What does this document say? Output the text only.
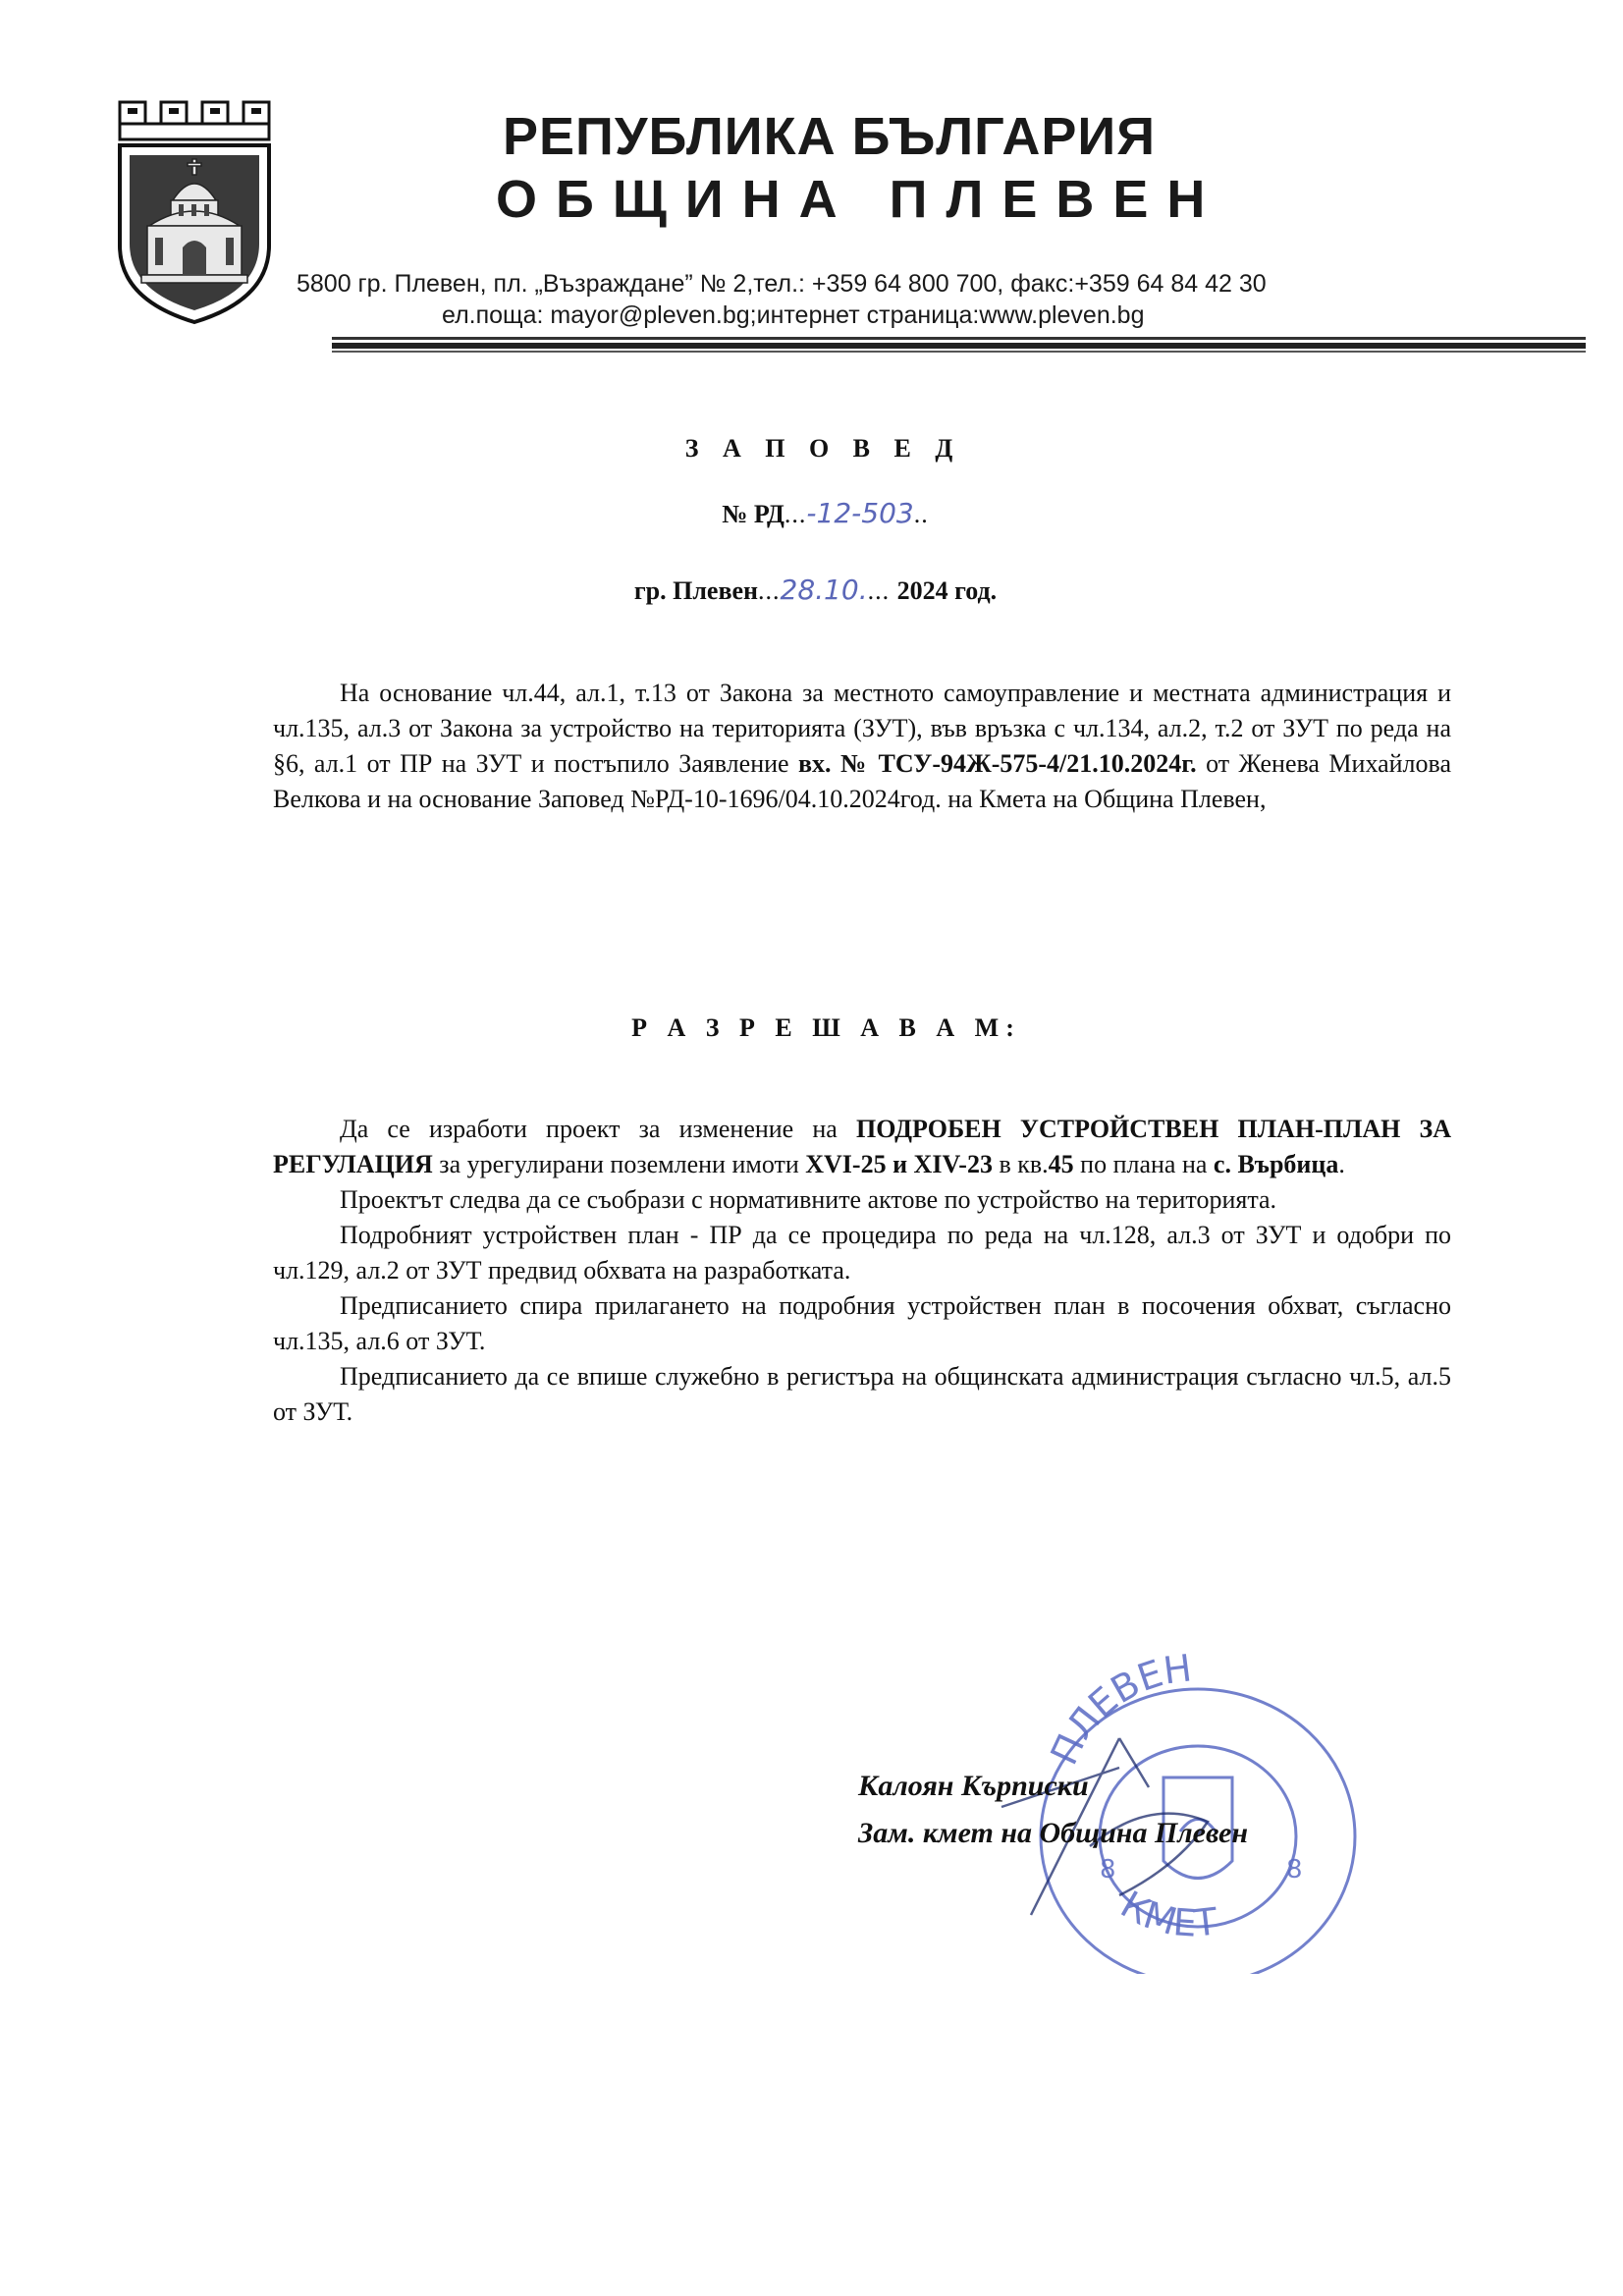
РЕПУБЛИКА БЪЛГАРИЯ
ОБЩИНА ПЛЕВЕН
5800 гр. Плевен, пл. „Възраждане” № 2,тел.: +359 64 800 700, факс:+359 64 84 42 30
ел.поща: mayor@pleven.bg;интернет страница:www.pleven.bg
З А П О В Е Д
№ РД...-12-503..
гр. Плевен...28.10.... 2024 год.

На основание чл.44, ал.1, т.13 от Закона за местното самоуправление и местната администрация и чл.135, ал.3 от Закона за устройство на територията (ЗУТ), във връзка с чл.134, ал.2, т.2 от ЗУТ по реда на §6, ал.1 от ПР на ЗУТ и постъпило Заявление вх. № ТСУ-94Ж-575-4/21.10.2024г. от Женева Михайлова Велкова и на основание Заповед №РД-10-1696/04.10.2024год. на Кмета на Община Плевен,

Р А З Р Е Ш А В А М:

Да се изработи проект за изменение на ПОДРОБЕН УСТРОЙСТВЕН ПЛАН-ПЛАН ЗА РЕГУЛАЦИЯ за урегулирани поземлени имоти XVI-25 и XIV-23 в кв.45 по плана на с. Върбица.

Проектът следва да се съобрази с нормативните актове по устройство на територията.

Подробният устройствен план - ПР да се процедира по реда на чл.128, ал.3 от ЗУТ и одобри по чл.129, ал.2 от ЗУТ предвид обхвата на разработката.

Предписанието спира прилагането на подробния устройствен план в посочения обхват, съгласно чл.135, ал.6 от ЗУТ.

Предписанието да се впише служебно в регистъра на общинската администрация съгласно чл.5, ал.5 от ЗУТ.

ПЛЕВЕН
КМЕТ
8	8
Калоян Кърписки
Зам. кмет на Община Плевен
